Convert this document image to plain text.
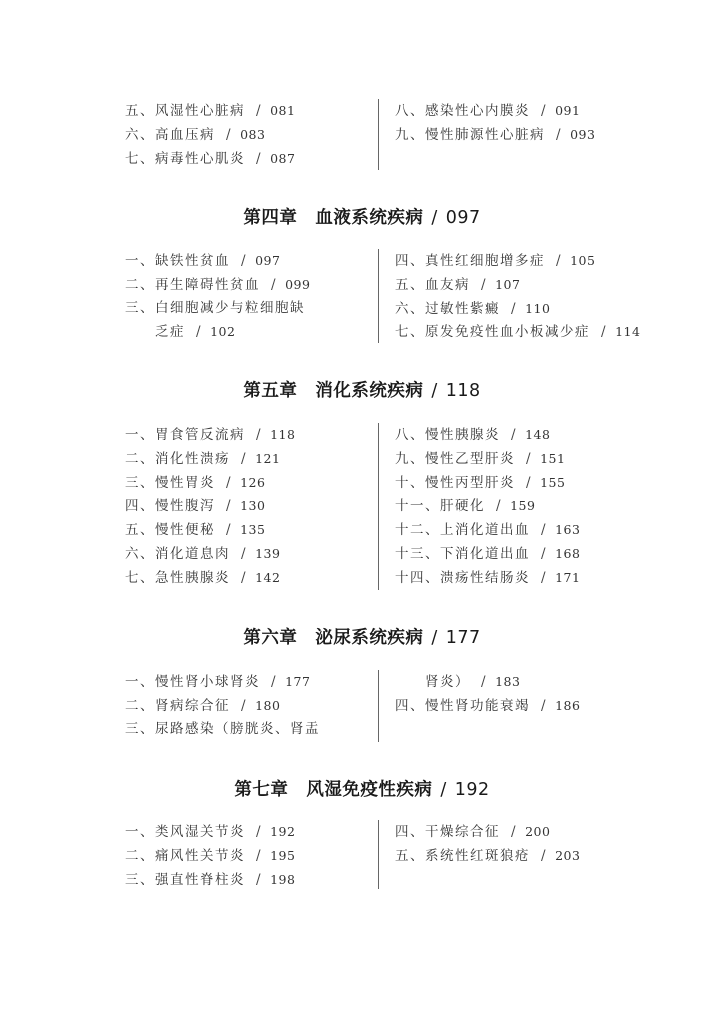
五、风湿性心脏病 / 081
六、高血压病 / 083
七、病毒性心肌炎 / 087
八、感染性心内膜炎 / 091
九、慢性肺源性心脏病 / 093
第四章 血液系统疾病 / 097
一、缺铁性贫血 / 097
二、再生障碍性贫血 / 099
三、白细胞减少与粒细胞缺
乏症 / 102
四、真性红细胞增多症 / 105
五、血友病 / 107
六、过敏性紫癜 / 110
七、原发免疫性血小板减少症 / 114
第五章 消化系统疾病 / 118
一、胃食管反流病 / 118
二、消化性溃疡 / 121
三、慢性胃炎 / 126
四、慢性腹泻 / 130
五、慢性便秘 / 135
六、消化道息肉 / 139
七、急性胰腺炎 / 142
八、慢性胰腺炎 / 148
九、慢性乙型肝炎 / 151
十、慢性丙型肝炎 / 155
十一、肝硬化 / 159
十二、上消化道出血 / 163
十三、下消化道出血 / 168
十四、溃疡性结肠炎 / 171
第六章 泌尿系统疾病 / 177
一、慢性肾小球肾炎 / 177
二、肾病综合征 / 180
三、尿路感染（膀胱炎、肾盂
肾炎） / 183
四、慢性肾功能衰竭 / 186
第七章 风湿免疫性疾病 / 192
一、类风湿关节炎 / 192
二、痛风性关节炎 / 195
三、强直性脊柱炎 / 198
四、干燥综合征 / 200
五、系统性红斑狼疮 / 203
